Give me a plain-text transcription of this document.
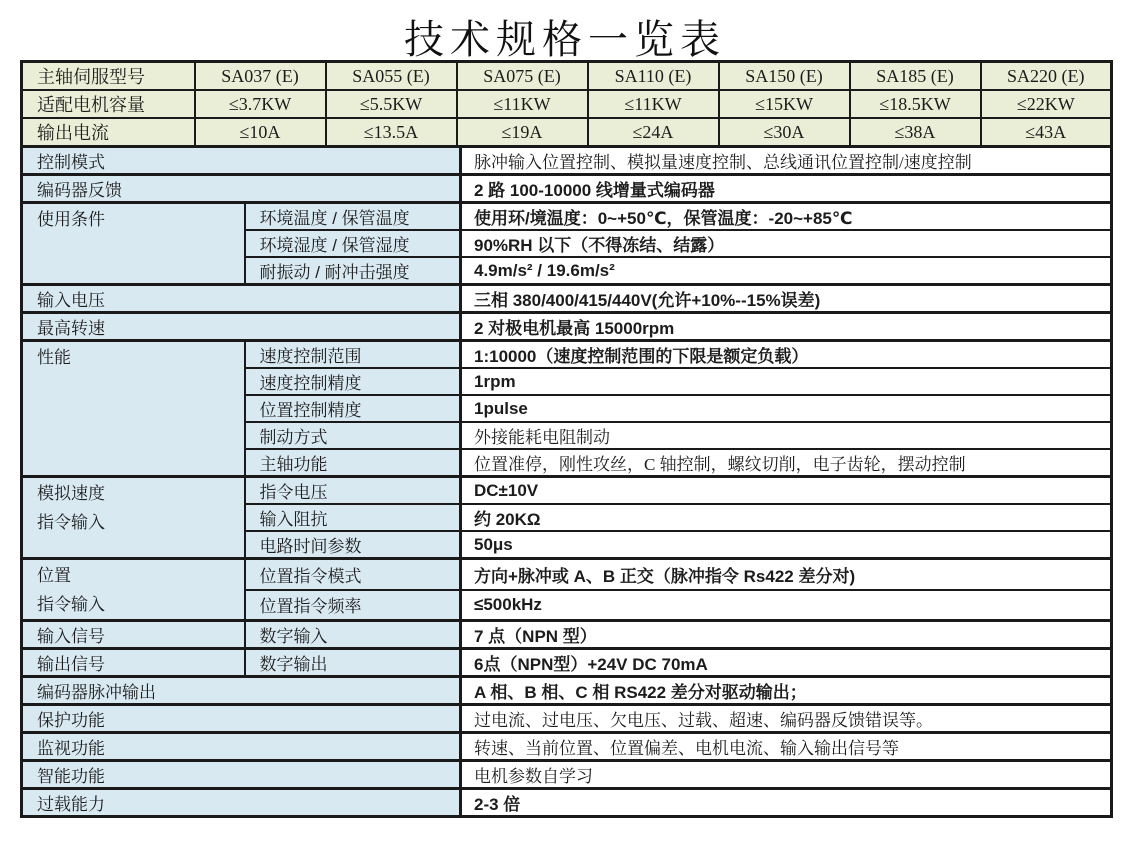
技术规格一览表
主轴伺服型号	SA037 (E)	SA055 (E)	SA075 (E)	SA110 (E)	SA150 (E)	SA185 (E)	SA220 (E)
适配电机容量	≤3.7KW	≤5.5KW	≤11KW	≤11KW	≤15KW	≤18.5KW	≤22KW
输出电流	≤10A	≤13.5A	≤19A	≤24A	≤30A	≤38A	≤43A
控制模式		脉冲输入位置控制、模拟量速度控制、总线通讯位置控制/速度控制
编码器反馈		2 路 100-10000 线增量式编码器
使用条件	环境温度 / 保管温度	使用环/境温度：0~+50℃，保管温度：-20~+85℃
	环境湿度 / 保管湿度	90%RH 以下（不得冻结、结露）
	耐振动 / 耐冲击强度	4.9m/s² / 19.6m/s²
输入电压		三相 380/400/415/440V(允许+10%--15%误差)
最高转速		2 对极电机最高 15000rpm
性能	速度控制范围	1:10000（速度控制范围的下限是额定负载）
	速度控制精度	1rpm
	位置控制精度	1pulse
	制动方式	外接能耗电阻制动
	主轴功能	位置准停，刚性攻丝，C 轴控制，螺纹切削，电子齿轮，摆动控制

模拟速度
指令输入	指令电压	DC±10V
	输入阻抗	约 20KΩ
	电路时间参数	50μs

位置
指令输入	位置指令模式	方向+脉冲或 A、B 正交（脉冲指令 Rs422 差分对)
	位置指令频率	≤500kHz
输入信号	数字输入	7 点（NPN 型）
输出信号	数字输出	6点（NPN型）+24V DC 70mA
编码器脉冲输出		A 相、B 相、C 相 RS422 差分对驱动输出；
保护功能		过电流、过电压、欠电压、过载、超速、编码器反馈错误等。
监视功能		转速、当前位置、位置偏差、电机电流、输入输出信号等
智能功能		电机参数自学习
过载能力		2-3 倍
